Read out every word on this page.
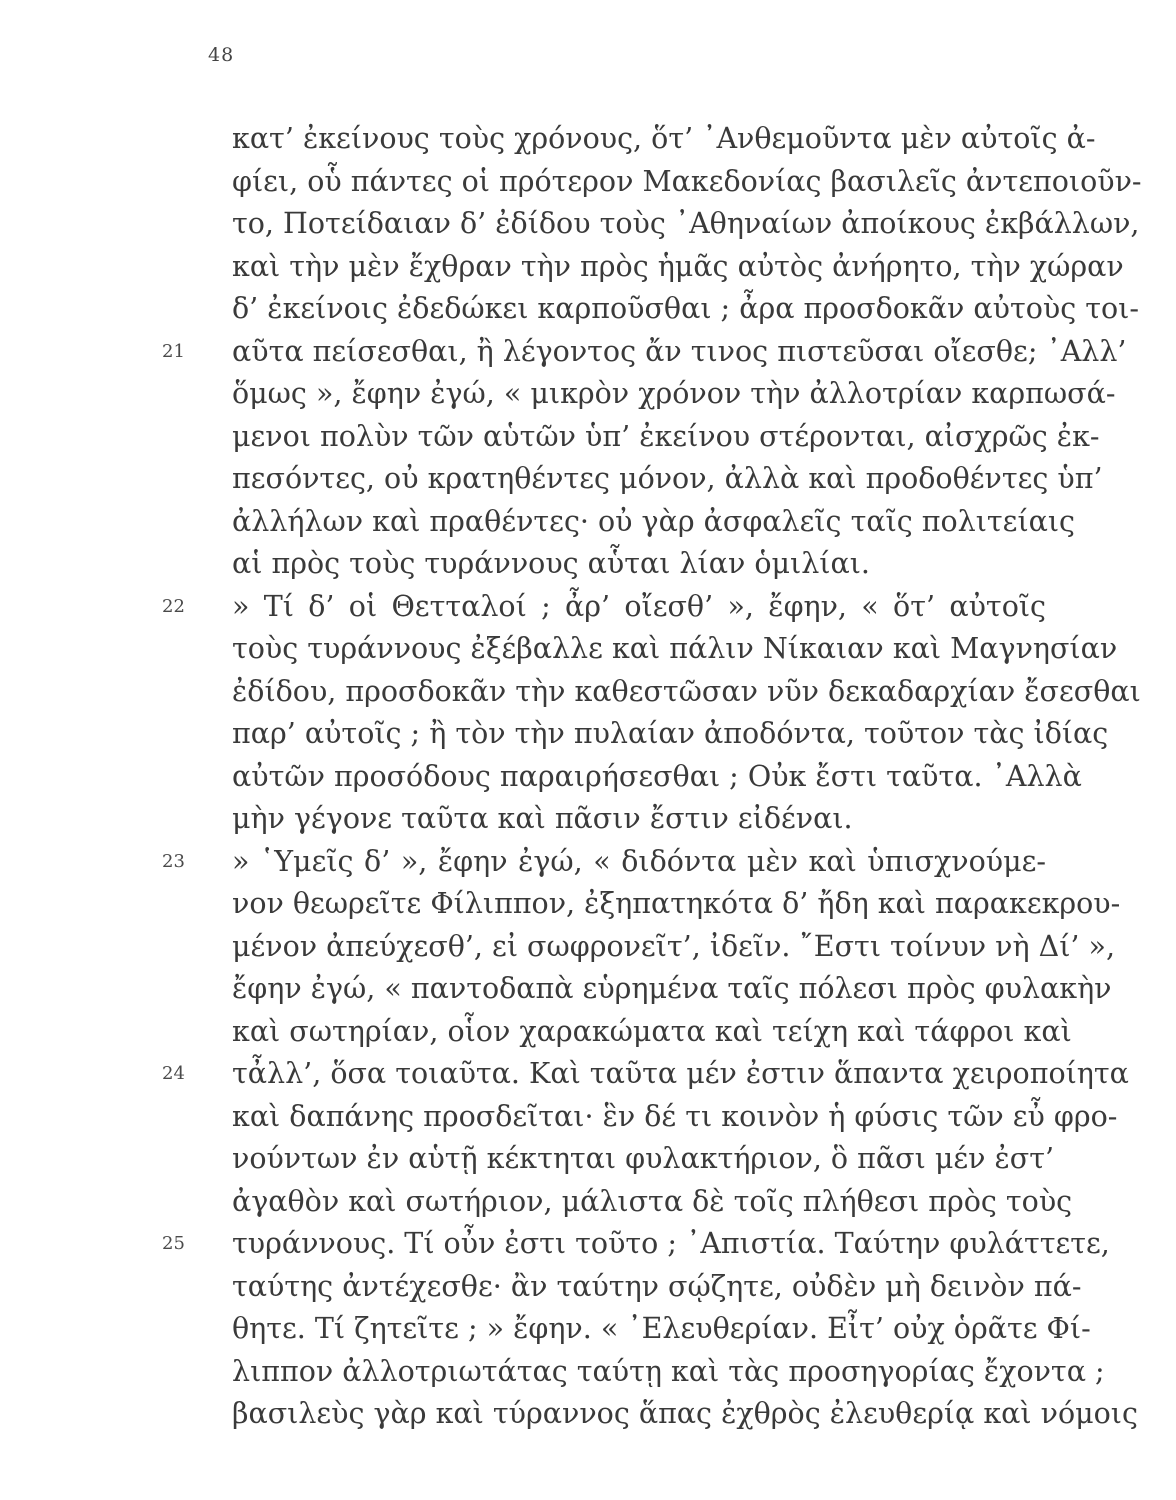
48
κατ’ ἐκείνους τοὺς χρόνους, ὅτ’ ᾿Ανθεμοῦντα μὲν αὐτοῖς ἀ-
φίει, οὗ πάντες οἱ πρότερον Μακεδονίας βασιλεῖς ἀντεποιοῦν-
το, Ποτείδαιαν δ’ ἐδίδου τοὺς ᾿Αθηναίων ἀποίκους ἐκβάλλων,
καὶ τὴν μὲν ἔχθραν τὴν πρὸς ἡμᾶς αὐτὸς ἀνήρητο, τὴν χώραν
δ’ ἐκείνοις ἐδεδώκει καρποῦσθαι ; ἆρα προσδοκᾶν αὐτοὺς τοι-
21 αῦτα πείσεσθαι, ἢ λέγοντος ἄν τινος πιστεῦσαι οἴεσθε; ᾿Αλλ’
ὅμως », ἔφην ἐγώ, « μικρὸν χρόνον τὴν ἀλλοτρίαν καρπωσά-
μενοι πολὺν τῶν αὑτῶν ὑπ’ ἐκείνου στέρονται, αἰσχρῶς ἐκ-
πεσόντες, οὐ κρατηθέντες μόνον, ἀλλὰ καὶ προδοθέντες ὑπ’
ἀλλήλων καὶ πραθέντες· οὐ γὰρ ἀσφαλεῖς ταῖς πολιτείαις
αἱ πρὸς τοὺς τυράννους αὗται λίαν ὁμιλίαι.
22 » Τί δ’ οἱ Θετταλοί ; ἆρ’ οἴεσθ’ », ἔφην, « ὅτ’ αὐτοῖς
τοὺς τυράννους ἐξέβαλλε καὶ πάλιν Νίκαιαν καὶ Μαγνησίαν
ἐδίδου, προσδοκᾶν τὴν καθεστῶσαν νῦν δεκαδαρχίαν ἔσεσθαι
παρ’ αὐτοῖς ; ἢ τὸν τὴν πυλαίαν ἀποδόντα, τοῦτον τὰς ἰδίας
αὐτῶν προσόδους παραιρήσεσθαι ; Οὐκ ἔστι ταῦτα. ᾿Αλλὰ
μὴν γέγονε ταῦτα καὶ πᾶσιν ἔστιν εἰδέναι.
23 » ῾Υμεῖς δ’ », ἔφην ἐγώ, « διδόντα μὲν καὶ ὑπισχνούμε-
νον θεωρεῖτε Φίλιππον, ἐξηπατηκότα δ’ ἤδη καὶ παρακεκρου-
μένον ἀπεύχεσθ’, εἰ σωφρονεῖτ’, ἰδεῖν. ῎Εστι τοίνυν νὴ Δί’ »,
ἔφην ἐγώ, « παντοδαπὰ εὑρημένα ταῖς πόλεσι πρὸς φυλακὴν
καὶ σωτηρίαν, οἷον χαρακώματα καὶ τείχη καὶ τάφροι καὶ
24 τἆλλ’, ὅσα τοιαῦτα. Καὶ ταῦτα μέν ἐστιν ἅπαντα χειροποίητα
καὶ δαπάνης προσδεῖται· ἓν δέ τι κοινὸν ἡ φύσις τῶν εὖ φρο-
νούντων ἐν αὑτῇ κέκτηται φυλακτήριον, ὃ πᾶσι μέν ἐστ’
ἀγαθὸν καὶ σωτήριον, μάλιστα δὲ τοῖς πλήθεσι πρὸς τοὺς
25 τυράννους. Τί οὖν ἐστι τοῦτο ; ᾿Απιστία. Ταύτην φυλάττετε,
ταύτης ἀντέχεσθε· ἂν ταύτην σῴζητε, οὐδὲν μὴ δεινὸν πά-
θητε. Τί ζητεῖτε ; » ἔφην. « ᾿Ελευθερίαν. Εἶτ’ οὐχ ὁρᾶτε Φί-
λιππον ἀλλοτριωτάτας ταύτῃ καὶ τὰς προσηγορίας ἔχοντα ;
βασιλεὺς γὰρ καὶ τύραννος ἅπας ἐχθρὸς ἐλευθερίᾳ καὶ νόμοις
